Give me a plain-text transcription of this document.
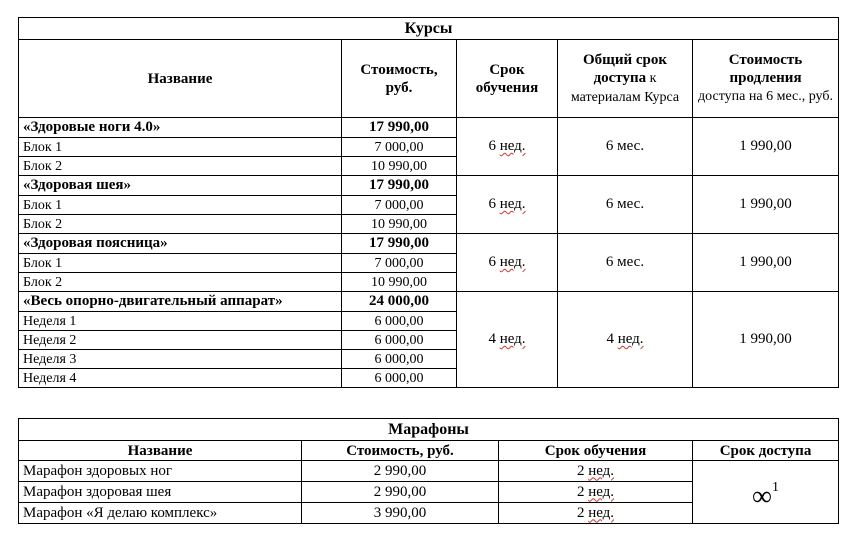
Курсы				
Название	Стоимость, руб.	Срок обучения	Общий срок доступа к материалам Курса	Стоимость продления
доступа на 6 мес., руб.
«Здоровые ноги 4.0»	17 990,00	6 нед.	6 мес.	1 990,00
Блок 1	7 000,00			
Блок 2	10 990,00			
«Здоровая шея»	17 990,00	6 нед.	6 мес.	1 990,00
Блок 1	7 000,00			
Блок 2	10 990,00			
«Здоровая поясница»	17 990,00	6 нед.	6 мес.	1 990,00
Блок 1	7 000,00			
Блок 2	10 990,00			
«Весь опорно-двигательный аппарат»	24 000,00	4 нед.	4 нед.	1 990,00
Неделя 1	6 000,00			
Неделя 2	6 000,00			
Неделя 3	6 000,00			
Неделя 4	6 000,00			
Марафоны			
Название	Стоимость, руб.	Срок обучения	Срок доступа
Марафон здоровых ног	2 990,00	2 нед.	∞$^1$
Марафон здоровая шея	2 990,00	2 нед.	
Марафон «Я делаю комплекс»	3 990,00	2 нед.	
